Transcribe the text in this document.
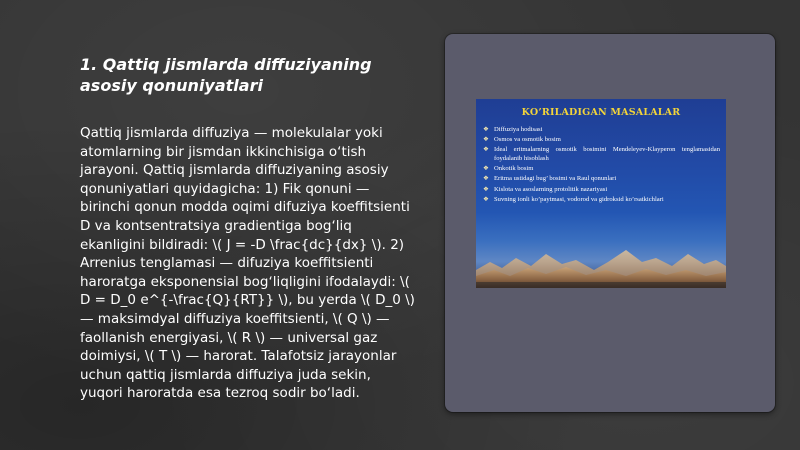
1. Qattiq jismlarda diffuziyaning asosiy qonuniyatlari
Qattiq jismlarda diffuziya — molekulalar yoki atomlarning bir jismdan ikkinchisiga oʻtish jarayoni. Qattiq jismlarda diffuziyaning asosiy qonuniyatlari quyidagicha: 1) Fik qonuni — birinchi qonun modda oqimi difuziya koeffitsienti D va kontsentratsiya gradientiga bogʻliq ekanligini bildiradi: \( J = -D \frac{dc}{dx} \). 2) Arrenius tenglamasi — difuziya koeffitsienti haroratga eksponensial bogʻliqligini ifodalaydi: \( D = D_0 e^{-\frac{Q}{RT}} \), bu yerda \( D_0 \) — maksimdyal diffuziya koeffitsienti, \( Q \) — faollanish energiyasi, \( R \) — universal gaz doimiysi, \( T \) — harorat. Talafotsiz jarayonlar uchun qattiq jismlarda diffuziya juda sekin, yuqori haroratda esa tezroq sodir boʻladi.
KO’RILADIGAN MASALALAR
❖ Diffuziya hodisasi
❖ Osmos va osmotik bosim
❖ Ideal eritmalarning osmotik bosimini Mendeleyev-Klayperon tenglamasidan foydalanib hisoblash
❖ Onkotik bosim
❖ Eritma ustidagi bug’ bosimi va Raul qonunlari
❖ Kislota va asoslarning protolitik nazariyasi
❖ Suvning ionli ko’paytmasi, vodorod va gidroksid ko’rsatkichlari
